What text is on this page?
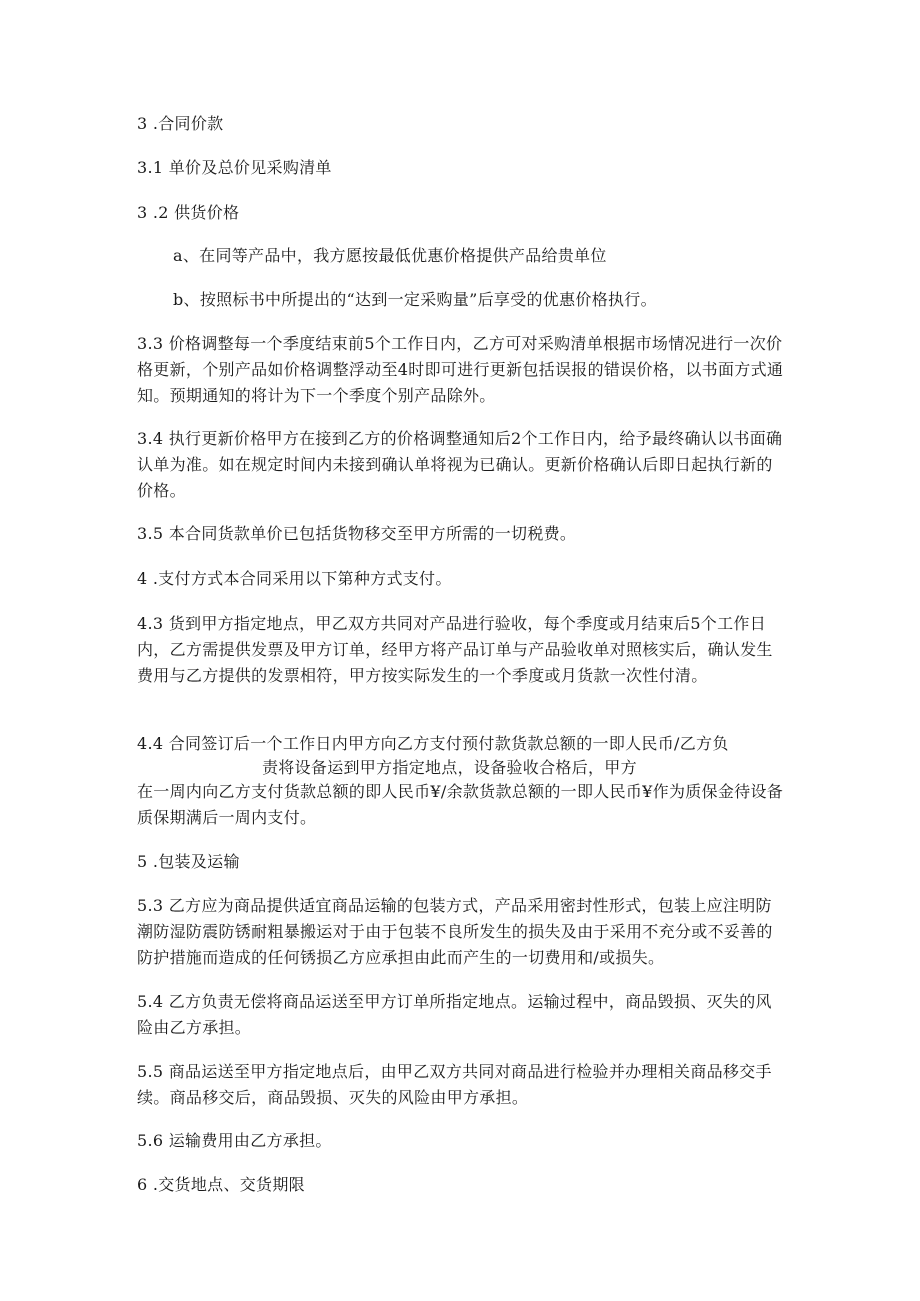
3 .合同价款

3.1 单价及总价见采购清单

3 .2 供货价格

a、在同等产品中，我方愿按最低优惠价格提供产品给贵单位

b、按照标书中所提出的“达到一定采购量”后享受的优惠价格执行。

3.3 价格调整每一个季度结束前5个工作日内，乙方可对采购清单根据市场情况进行一次价格更新，个别产品如价格调整浮动至4时即可进行更新包括误报的错误价格，以书面方式通知。预期通知的将计为下一个季度个别产品除外。

3.4 执行更新价格甲方在接到乙方的价格调整通知后2个工作日内，给予最终确认以书面确认单为准。如在规定时间内未接到确认单将视为已确认。更新价格确认后即日起执行新的价格。

3.5 本合同货款单价已包括货物移交至甲方所需的一切税费。

4 .支付方式本合同采用以下第种方式支付。

4.3 货到甲方指定地点，甲乙双方共同对产品进行验收，每个季度或月结束后5个工作日内，乙方需提供发票及甲方订单，经甲方将产品订单与产品验收单对照核实后，确认发生费用与乙方提供的发票相符，甲方按实际发生的一个季度或月货款一次性付清。

4.4 合同签订后一个工作日内甲方向乙方支付预付款货款总额的一即人民币/乙方负

责将设备运到甲方指定地点，设备验收合格后，甲方

在一周内向乙方支付货款总额的即人民币¥/余款货款总额的一即人民币¥作为质保金待设备质保期满后一周内支付。

5 .包装及运输

5.3 乙方应为商品提供适宜商品运输的包装方式，产品采用密封性形式，包装上应注明防潮防湿防震防锈耐粗暴搬运对于由于包装不良所发生的损失及由于采用不充分或不妥善的防护措施而造成的任何锈损乙方应承担由此而产生的一切费用和/或损失。

5.4 乙方负责无偿将商品运送至甲方订单所指定地点。运输过程中，商品毁损、灭失的风险由乙方承担。

5.5 商品运送至甲方指定地点后，由甲乙双方共同对商品进行检验并办理相关商品移交手续。商品移交后，商品毁损、灭失的风险由甲方承担。

5.6 运输费用由乙方承担。

6 .交货地点、交货期限
